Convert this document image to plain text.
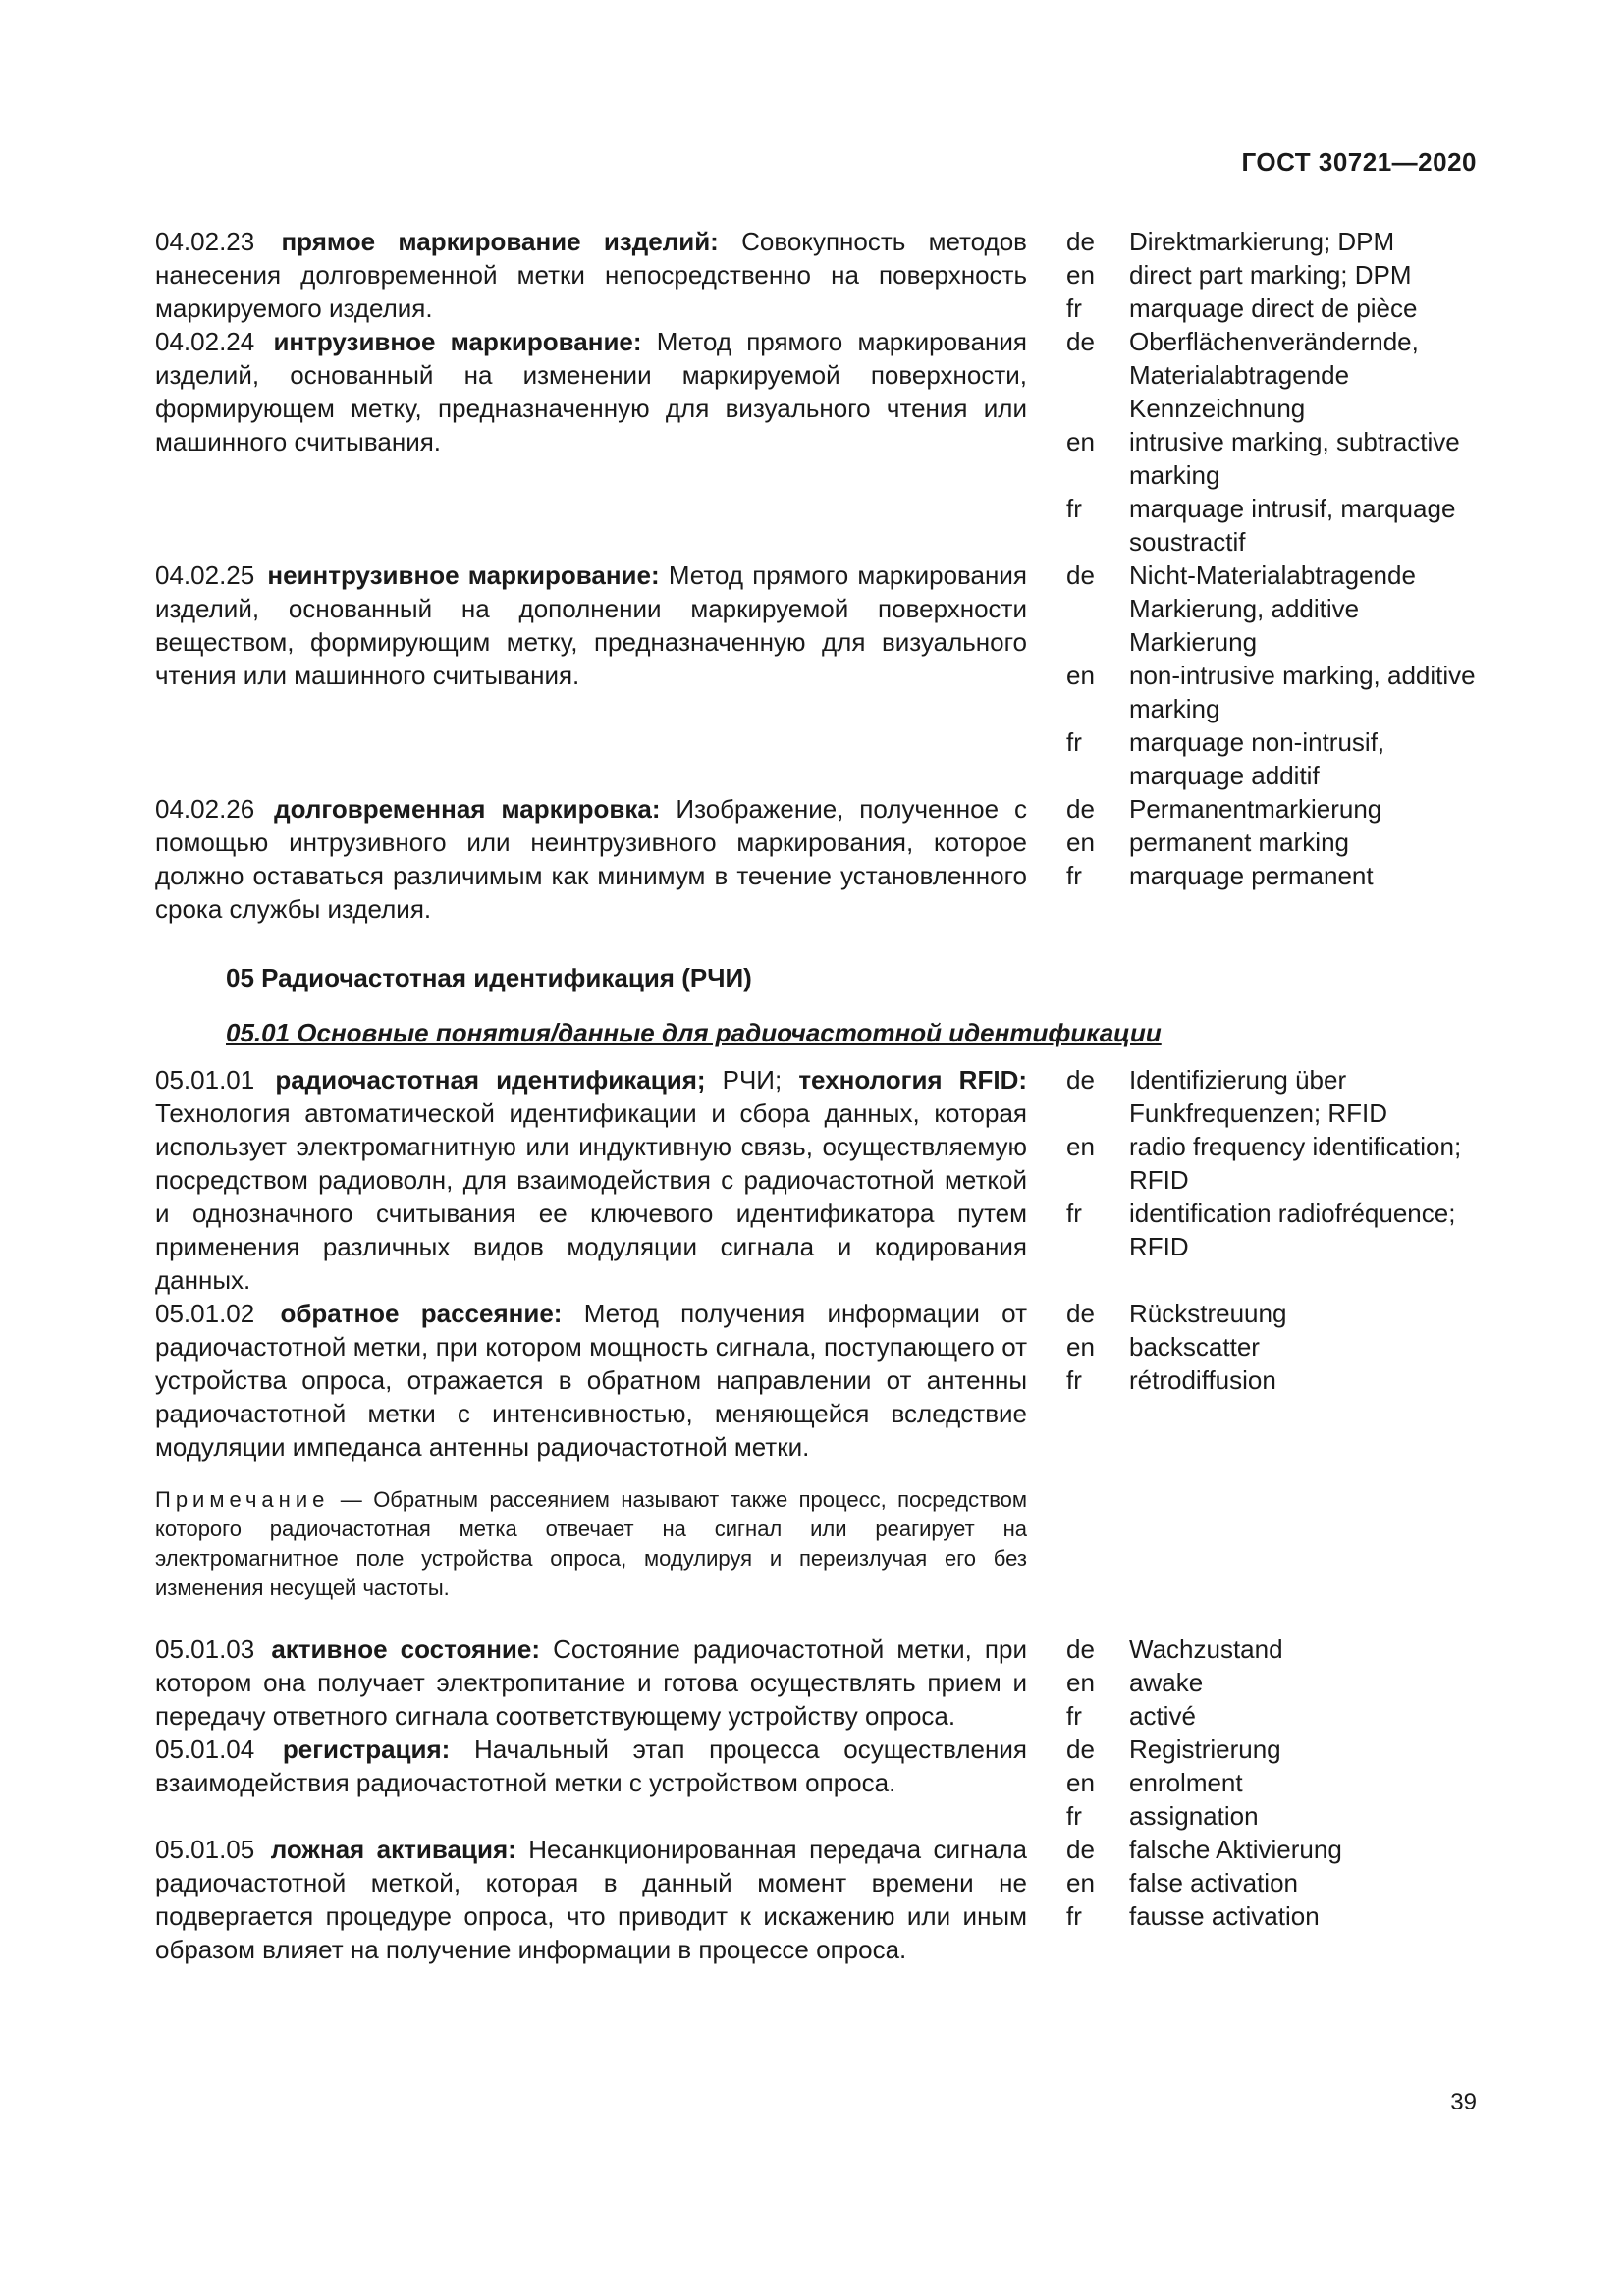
ГОСТ 30721—2020
04.02.23 прямое маркирование изделий: Совокупность методов нанесения долговременной метки непосредственно на поверхность маркируемого изделия.
de	Direktmarkierung; DPM
en	direct part marking; DPM
fr	marquage direct de pièce
04.02.24 интрузивное маркирование: Метод прямого маркирования изделий, основанный на изменении маркируемой поверхности, формирующем метку, предназначенную для визуального чтения или машинного считывания.
de	Oberflächenverändernde, Materialabtragende Kennzeichnung
en	intrusive marking, subtractive marking
fr	marquage intrusif, marquage soustractif
04.02.25 неинтрузивное маркирование: Метод прямого маркирования изделий, основанный на дополнении маркируемой поверхности веществом, формирующим метку, предназначенную для визуального чтения или машинного считывания.
de	Nicht-Materialabtragende Markierung, additive Markierung
en	non-intrusive marking, additive marking
fr	marquage non-intrusif, marquage additif
04.02.26 долговременная маркировка: Изображение, полученное с помощью интрузивного или неинтрузивного маркирования, которое должно оставаться различимым как минимум в течение установленного срока службы изделия.
de	Permanentmarkierung
en	permanent marking
fr	marquage permanent
05 Радиочастотная идентификация (РЧИ)
05.01 Основные понятия/данные для радиочастотной идентификации
05.01.01 радиочастотная идентификация; РЧИ; технология RFID: Технология автоматической идентификации и сбора данных, которая использует электромагнитную или индуктивную связь, осуществляемую посредством радиоволн, для взаимодействия с радиочастотной меткой и однозначного считывания ее ключевого идентификатора путем применения различных видов модуляции сигнала и кодирования данных.
de	Identifizierung über Funkfrequenzen; RFID
en	radio frequency identification; RFID
fr	identification radiofréquence; RFID
05.01.02 обратное рассеяние: Метод получения информации от радиочастотной метки, при котором мощность сигнала, поступающего от устройства опроса, отражается в обратном направлении от антенны радиочастотной метки с интенсивностью, меняющейся вследствие модуляции импеданса антенны радиочастотной метки.
de	Rückstreuung
en	backscatter
fr	rétrodiffusion
Примечание — Обратным рассеянием называют также процесс, посредством которого радиочастотная метка отвечает на сигнал или реагирует на электромагнитное поле устройства опроса, модулируя и переизлучая его без изменения несущей частоты.
05.01.03 активное состояние: Состояние радиочастотной метки, при котором она получает электропитание и готова осуществлять прием и передачу ответного сигнала соответствующему устройству опроса.
de	Wachzustand
en	awake
fr	activé
05.01.04 регистрация: Начальный этап процесса осуществления взаимодействия радиочастотной метки с устройством опроса.
de	Registrierung
en	enrolment
fr	assignation
05.01.05 ложная активация: Несанкционированная передача сигнала радиочастотной меткой, которая в данный момент времени не подвергается процедуре опроса, что приводит к искажению или иным образом влияет на получение информации в процессе опроса.
de	falsche Aktivierung
en	false activation
fr	fausse activation
39
